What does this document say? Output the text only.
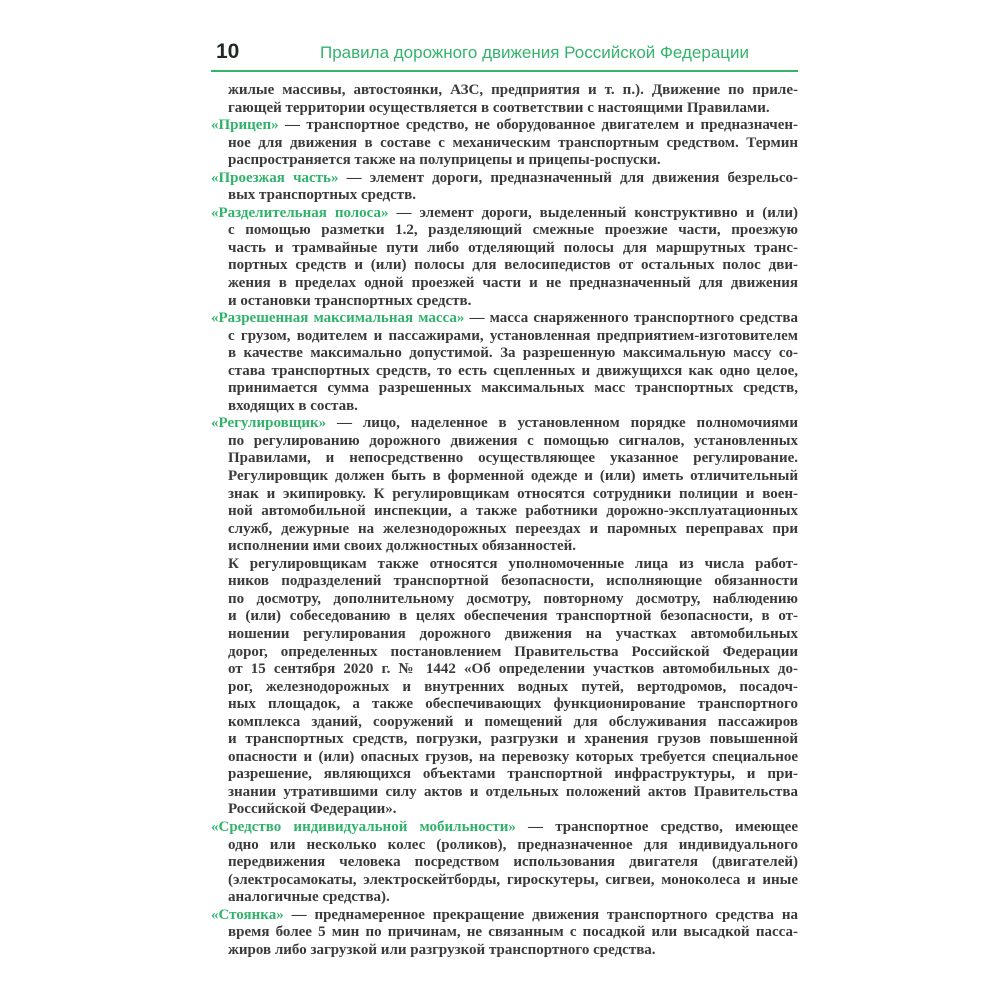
10	Правила дорожного движения Российской Федерации
жилые массивы, автостоянки, АЗС, предприятия и т. п.). Движение по приле-
гающей территории осуществляется в соответствии с настоящими Правилами.
«Прицеп» — транспортное средство, не оборудованное двигателем и предназначен-
ное для движения в составе с механическим транспортным средством. Термин
распространяется также на полуприцепы и прицепы-роспуски.
«Проезжая часть» — элемент дороги, предназначенный для движения безрельсо-
вых транспортных средств.
«Разделительная полоса» — элемент дороги, выделенный конструктивно и (или)
с помощью разметки 1.2, разделяющий смежные проезжие части, проезжую
часть и трамвайные пути либо отделяющий полосы для маршрутных транс-
портных средств и (или) полосы для велосипедистов от остальных полос дви-
жения в пределах одной проезжей части и не предназначенный для движения
и остановки транспортных средств.
«Разрешенная максимальная масса» — масса снаряженного транспортного средства
с грузом, водителем и пассажирами, установленная предприятием-изготовителем
в качестве максимально допустимой. За разрешенную максимальную массу со-
става транспортных средств, то есть сцепленных и движущихся как одно целое,
принимается сумма разрешенных максимальных масс транспортных средств,
входящих в состав.
«Регулировщик» — лицо, наделенное в установленном порядке полномочиями
по регулированию дорожного движения с помощью сигналов, установленных
Правилами, и непосредственно осуществляющее указанное регулирование.
Регулировщик должен быть в форменной одежде и (или) иметь отличительный
знак и экипировку. К регулировщикам относятся сотрудники полиции и воен-
ной автомобильной инспекции, а также работники дорожно-эксплуатационных
служб, дежурные на железнодорожных переездах и паромных переправах при
исполнении ими своих должностных обязанностей.
К регулировщикам также относятся уполномоченные лица из числа работ-
ников подразделений транспортной безопасности, исполняющие обязанности
по досмотру, дополнительному досмотру, повторному досмотру, наблюдению
и (или) собеседованию в целях обеспечения транспортной безопасности, в от-
ношении регулирования дорожного движения на участках автомобильных
дорог, определенных постановлением Правительства Российской Федерации
от 15 сентября 2020 г. № 1442 «Об определении участков автомобильных до-
рог, железнодорожных и внутренних водных путей, вертодромов, посадоч-
ных площадок, а также обеспечивающих функционирование транспортного
комплекса зданий, сооружений и помещений для обслуживания пассажиров
и транспортных средств, погрузки, разгрузки и хранения грузов повышенной
опасности и (или) опасных грузов, на перевозку которых требуется специальное
разрешение, являющихся объектами транспортной инфраструктуры, и при-
знании утратившими силу актов и отдельных положений актов Правительства
Российской Федерации».
«Средство индивидуальной мобильности» — транспортное средство, имеющее
одно или несколько колес (роликов), предназначенное для индивидуального
передвижения человека посредством использования двигателя (двигателей)
(электросамокаты, электроскейтборды, гироскутеры, сигвеи, моноколеса и иные
аналогичные средства).
«Стоянка» — преднамеренное прекращение движения транспортного средства на
время более 5 мин по причинам, не связанным с посадкой или высадкой пасса-
жиров либо загрузкой или разгрузкой транспортного средства.
